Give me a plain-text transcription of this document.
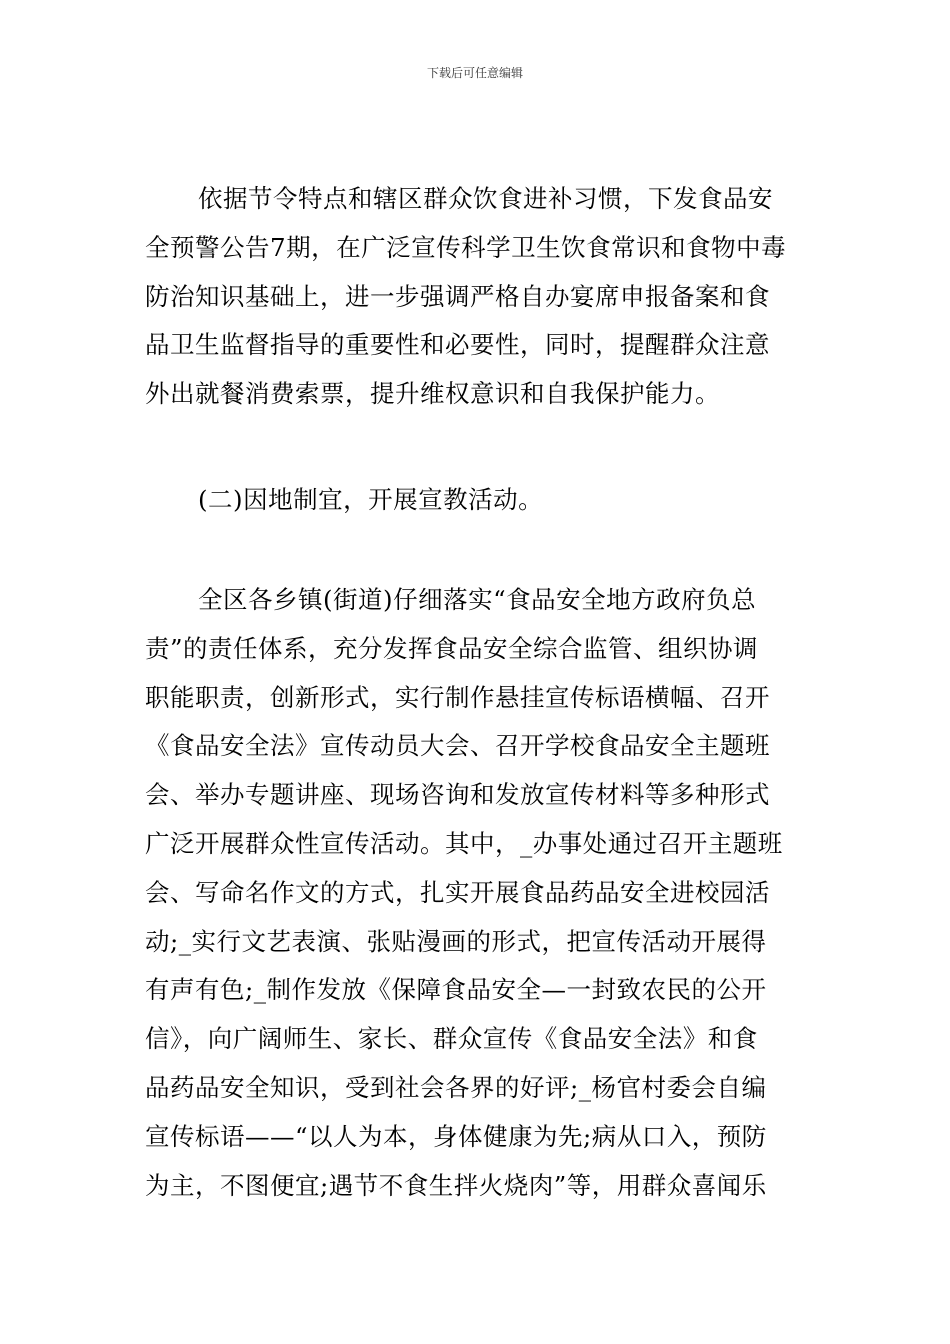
下载后可任意编辑
依据节令特点和辖区群众饮食进补习惯，下发食品安
全预警公告7期，在广泛宣传科学卫生饮食常识和食物中毒
防治知识基础上，进一步强调严格自办宴席申报备案和食
品卫生监督指导的重要性和必要性，同时，提醒群众注意
外出就餐消费索票，提升维权意识和自我保护能力。
(二)因地制宜，开展宣教活动。
全区各乡镇(街道)仔细落实“食品安全地方政府负总
责”的责任体系，充分发挥食品安全综合监管、组织协调
职能职责，创新形式，实行制作悬挂宣传标语横幅、召开
《食品安全法》宣传动员大会、召开学校食品安全主题班
会、举办专题讲座、现场咨询和发放宣传材料等多种形式
广泛开展群众性宣传活动。其中，_办事处通过召开主题班
会、写命名作文的方式，扎实开展食品药品安全进校园活
动;_实行文艺表演、张贴漫画的形式，把宣传活动开展得
有声有色;_制作发放《保障食品安全—一封致农民的公开
信》，向广阔师生、家长、群众宣传《食品安全法》和食
品药品安全知识，受到社会各界的好评;_杨官村委会自编
宣传标语——“以人为本，身体健康为先;病从口入，预防
为主，不图便宜;遇节不食生拌火烧肉”等，用群众喜闻乐
